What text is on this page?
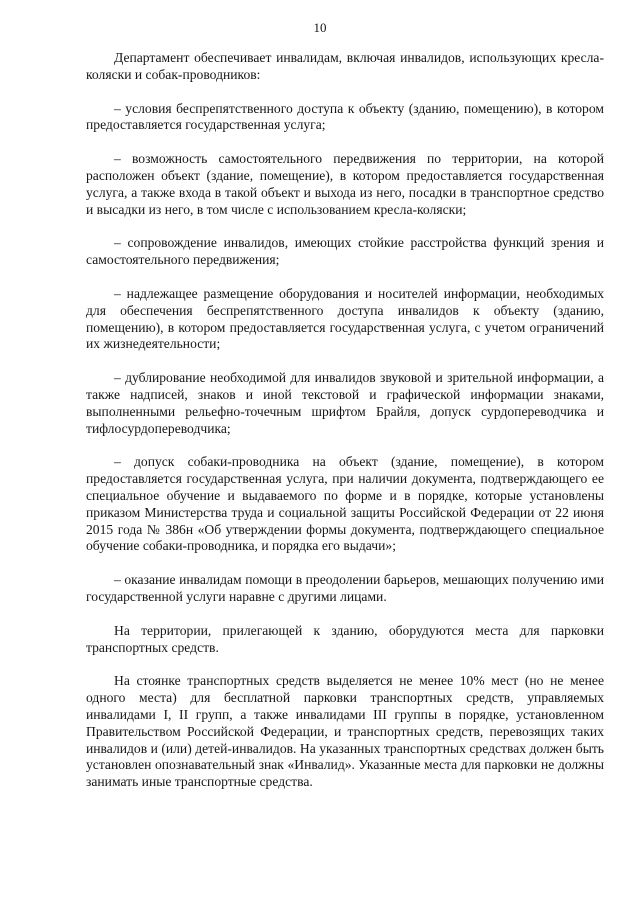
10

Департамент обеспечивает инвалидам, включая инвалидов, использующих кресла-коляски и собак-проводников:

– условия беспрепятственного доступа к объекту (зданию, помещению), в котором предоставляется государственная услуга;

– возможность самостоятельного передвижения по территории, на которой расположен объект (здание, помещение), в котором предоставляется государственная услуга, а также входа в такой объект и выхода из него, посадки в транспортное средство и высадки из него, в том числе с использованием кресла-коляски;

– сопровождение инвалидов, имеющих стойкие расстройства функций зрения и самостоятельного передвижения;

– надлежащее размещение оборудования и носителей информации, необходимых для обеспечения беспрепятственного доступа инвалидов к объекту (зданию, помещению), в котором предоставляется государственная услуга, с учетом ограничений их жизнедеятельности;

– дублирование необходимой для инвалидов звуковой и зрительной информации, а также надписей, знаков и иной текстовой и графической информации знаками, выполненными рельефно-точечным шрифтом Брайля, допуск сурдопереводчика и тифлосурдопереводчика;

– допуск собаки-проводника на объект (здание, помещение), в котором предоставляется государственная услуга, при наличии документа, подтверждающего ее специальное обучение и выдаваемого по форме и в порядке, которые установлены приказом Министерства труда и социальной защиты Российской Федерации от 22 июня 2015 года № 386н «Об утверждении формы документа, подтверждающего специальное обучение собаки-проводника, и порядка его выдачи»;

– оказание инвалидам помощи в преодолении барьеров, мешающих получению ими государственной услуги наравне с другими лицами.

На территории, прилегающей к зданию, оборудуются места для парковки транспортных средств.

На стоянке транспортных средств выделяется не менее 10% мест (но не менее одного места) для бесплатной парковки транспортных средств, управляемых инвалидами I, II групп, а также инвалидами III группы в порядке, установленном Правительством Российской Федерации, и транспортных средств, перевозящих таких инвалидов и (или) детей-инвалидов. На указанных транспортных средствах должен быть установлен опознавательный знак «Инвалид». Указанные места для парковки не должны занимать иные транспортные средства.
